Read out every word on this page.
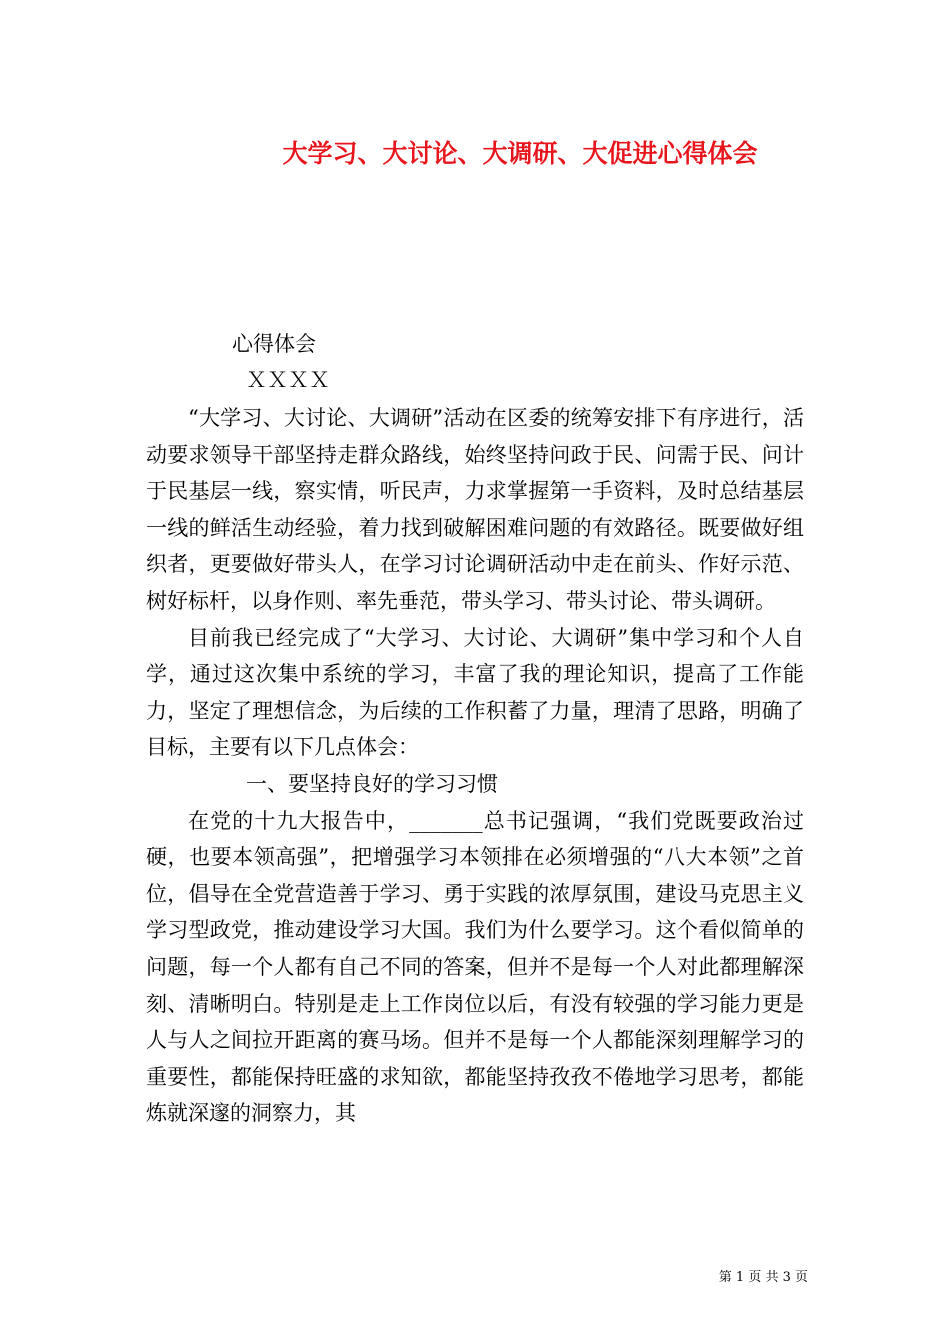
大学习、大讨论、大调研、大促进心得体会

心得体会

ＸＸＸＸ

“大学习、大讨论、大调研”活动在区委的统筹安排下有序进行，活动要求领导干部坚持走群众路线，始终坚持问政于民、问需于民、问计于民基层一线，察实情，听民声，力求掌握第一手资料，及时总结基层一线的鲜活生动经验，着力找到破解困难问题的有效路径。既要做好组织者，更要做好带头人，在学习讨论调研活动中走在前头、作好示范、树好标杆，以身作则、率先垂范，带头学习、带头讨论、带头调研。

目前我已经完成了“大学习、大讨论、大调研”集中学习和个人自学，通过这次集中系统的学习，丰富了我的理论知识，提高了工作能力，坚定了理想信念，为后续的工作积蓄了力量，理清了思路，明确了目标，主要有以下几点体会：

一、要坚持良好的学习习惯

在党的十九大报告中，_______总书记强调，“我们党既要政治过硬，也要本领高强”，把增强学习本领排在必须增强的“八大本领”之首位，倡导在全党营造善于学习、勇于实践的浓厚氛围，建设马克思主义学习型政党，推动建设学习大国。我们为什么要学习。这个看似简单的问题，每一个人都有自己不同的答案，但并不是每一个人对此都理解深刻、清晰明白。特别是走上工作岗位以后，有没有较强的学习能力更是人与人之间拉开距离的赛马场。但并不是每一个人都能深刻理解学习的重要性，都能保持旺盛的求知欲，都能坚持孜孜不倦地学习思考，都能炼就深邃的洞察力，其

第 1 页 共 3 页
